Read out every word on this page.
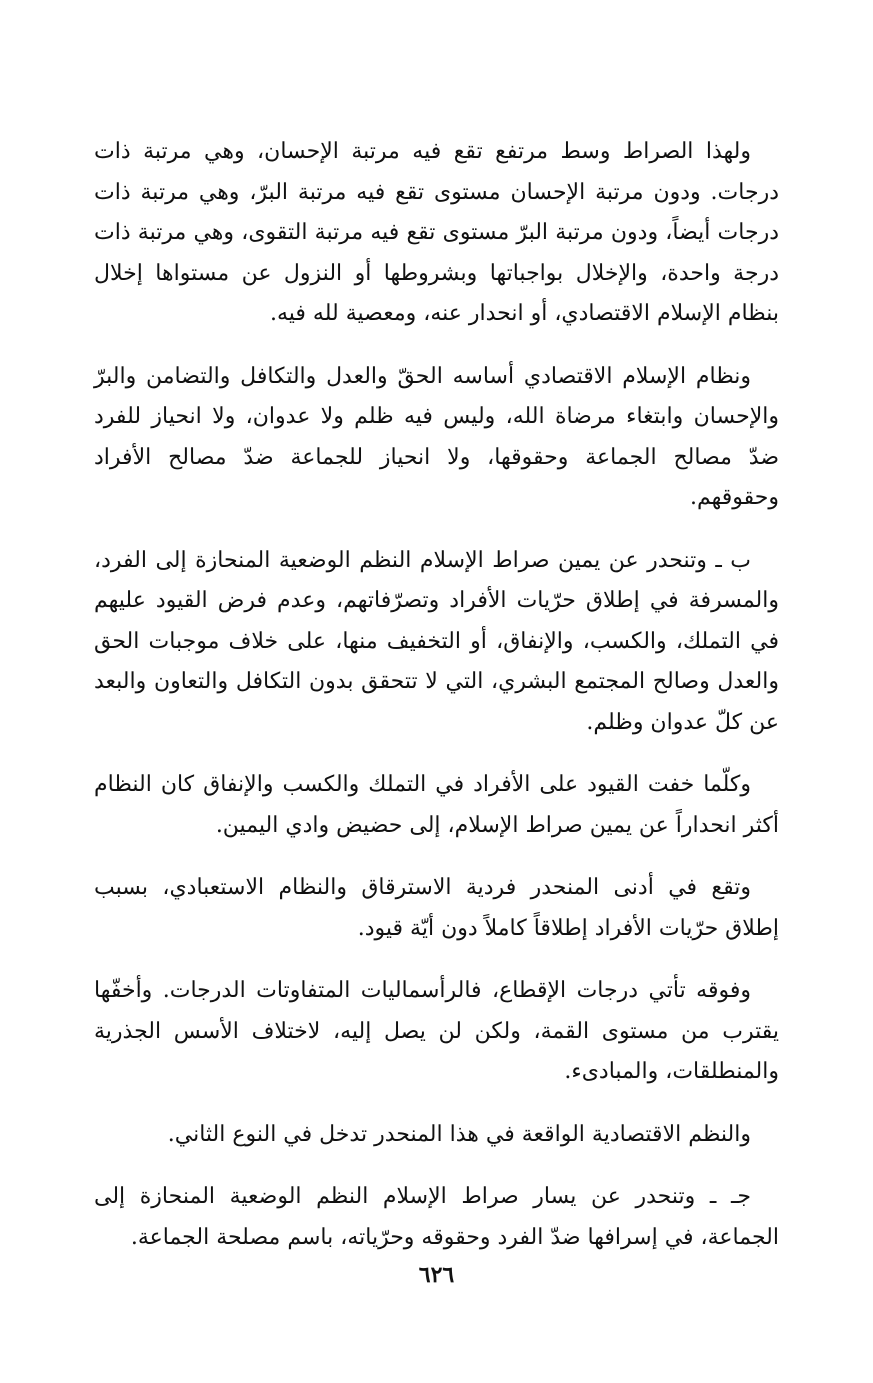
ولهذا الصراط وسط مرتفع تقع فيه مرتبة الإحسان، وهي مرتبة ذات درجات. ودون مرتبة الإحسان مستوى تقع فيه مرتبة البرّ، وهي مرتبة ذات درجات أيضاً، ودون مرتبة البرّ مستوى تقع فيه مرتبة التقوى، وهي مرتبة ذات درجة واحدة، والإخلال بواجباتها وبشروطها أو النزول عن مستواها إخلال بنظام الإسلام الاقتصادي، أو انحدار عنه، ومعصية لله فيه.

ونظام الإسلام الاقتصادي أساسه الحقّ والعدل والتكافل والتضامن والبرّ والإحسان وابتغاء مرضاة الله، وليس فيه ظلم ولا عدوان، ولا انحياز للفرد ضدّ مصالح الجماعة وحقوقها، ولا انحياز للجماعة ضدّ مصالح الأفراد وحقوقهم.

ب ـ وتنحدر عن يمين صراط الإسلام النظم الوضعية المنحازة إلى الفرد، والمسرفة في إطلاق حرّيات الأفراد وتصرّفاتهم، وعدم فرض القيود عليهم في التملك، والكسب، والإنفاق، أو التخفيف منها، على خلاف موجبات الحق والعدل وصالح المجتمع البشري، التي لا تتحقق بدون التكافل والتعاون والبعد عن كلّ عدوان وظلم.

وكلّما خفت القيود على الأفراد في التملك والكسب والإنفاق كان النظام أكثر انحداراً عن يمين صراط الإسلام، إلى حضيض وادي اليمين.

وتقع في أدنى المنحدر فردية الاسترقاق والنظام الاستعبادي، بسبب إطلاق حرّيات الأفراد إطلاقاً كاملاً دون أيّة قيود.

وفوقه تأتي درجات الإقطاع، فالرأسماليات المتفاوتات الدرجات. وأخفّها يقترب من مستوى القمة، ولكن لن يصل إليه، لاختلاف الأسس الجذرية والمنطلقات، والمبادىء.

والنظم الاقتصادية الواقعة في هذا المنحدر تدخل في النوع الثاني.

جـ ـ وتنحدر عن يسار صراط الإسلام النظم الوضعية المنحازة إلى الجماعة، في إسرافها ضدّ الفرد وحقوقه وحرّياته، باسم مصلحة الجماعة.

٦٢٦
